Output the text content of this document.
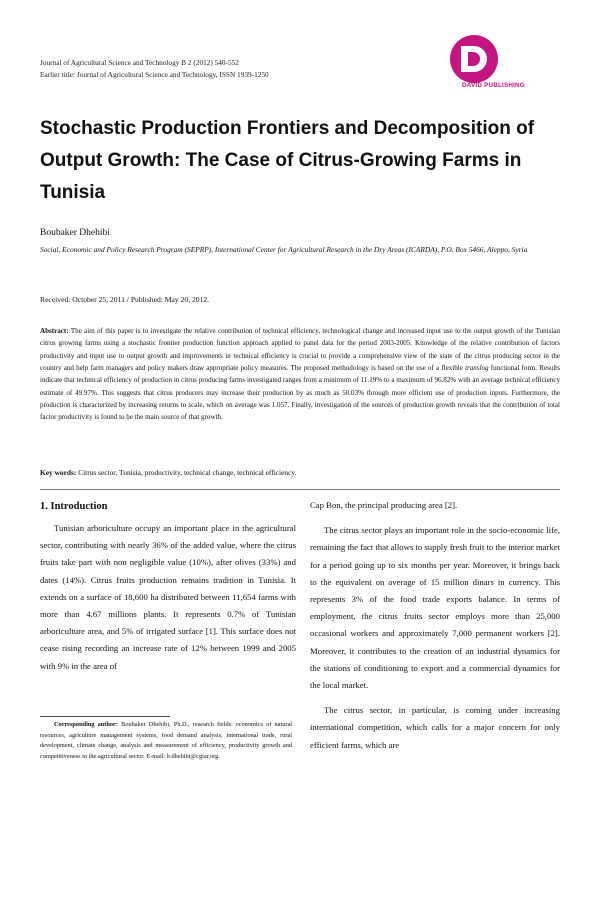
Journal of Agricultural Science and Technology B 2 (2012) 540-552
Earlier title: Journal of Agricultural Science and Technology, ISSN 1939-1250
DAVID PUBLISHING
Stochastic Production Frontiers and Decomposition of Output Growth: The Case of Citrus-Growing Farms in Tunisia
Boubaker Dhehibi
Social, Economic and Policy Research Program (SEPRP), International Center for Agricultural Research in the Dry Areas (ICARDA), P.O. Box 5466, Aleppo, Syria
Received: October 25, 2011 / Published: May 20, 2012.

Abstract: The aim of this paper is to investigate the relative contribution of technical efficiency, technological change and increased input use to the output growth of the Tunisian citrus growing farms using a stochastic frontier production function approach applied to panel data for the period 2003-2005. Knowledge of the relative contribution of factors productivity and input use to output growth and improvements in technical efficiency is crucial to provide a comprehensive view of the state of the citrus producing sector in the country and help farm managers and policy makers draw appropriate policy measures. The proposed methodology is based on the use of a flexible translog functional form. Results indicate that technical efficiency of production in citrus producing farms investigated ranges from a minimum of 11.19% to a maximum of 96.82% with an average technical efficiency estimate of 49.97%. This suggests that citrus producers may increase their production by as much as 50.03% through more efficient use of production inputs. Furthermore, the production is characterized by increasing returns to scale, which on average was 1.057. Finally, investigation of the sources of production growth reveals that the contribution of total factor productivity is found to be the main source of that growth.

Key words: Citrus sector, Tunisia, productivity, technical change, technical efficiency.

1. Introduction

Tunisian arboriculture occupy an important place in the agricultural sector, contributing with nearly 36% of the added value, where the citrus fruits take part with non negligible value (10%), after olives (33%) and dates (14%). Citrus fruits production remains tradition in Tunisia. It extends on a surface of 18,600 ha distributed between 11,654 farms with more than 4.67 millions plants. It represents 0.7% of Tunisian arboriculture area, and 5% of irrigated surface [1]. This surface does not cease rising recording an increase rate of 12% between 1999 and 2005 with 9% in the area of

Cap Bon, the principal producing area [2].

The citrus sector plays an important role in the socio-economic life, remaining the fact that allows to supply fresh fruit to the interior market for a period going up to six months per year. Moreover, it brings back to the equivalent on average of 15 million dinars in currency. This represents 3% of the food trade exports balance. In terms of employment, the citrus fruits sector employs more than 25,000 occasional workers and approximately 7,000 permanent workers [2]. Moreover, it contributes to the creation of an industrial dynamics for the stations of conditioning to export and a commercial dynamics for the local market.

The citrus sector, in particular, is coming under increasing international competition, which calls for a major concern for only efficient farms, which are

Corresponding author: Boubaker Dhehibi, Ph.D., research fields: economics of natural resources, agriculture management systems, food demand analysis, international trade, rural development, climate change, analysis and measurement of efficiency, productivity growth and competitiveness in the agricultural sector. E-mail: b.dhehibi@cgiar.org.
